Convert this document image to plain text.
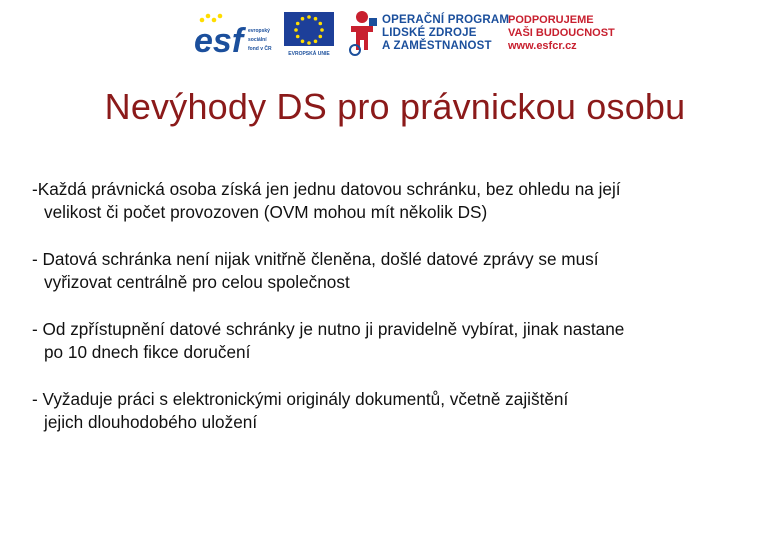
esf evropský
sociální
fond v ČR
EVROPSKÁ UNIE
OPERAČNÍ PROGRAM
LIDSKÉ ZDROJE
A ZAMĚSTNANOST
PODPORUJEME
VAŠI BUDOUCNOST
www.esfcr.cz
Nevýhody DS pro právnickou osobu
-Každá právnická osoba získá jen jednu datovou schránku, bez ohledu na její
velikost či počet provozoven (OVM mohou mít několik DS)
- Datová schránka není nijak vnitřně členěna, došlé datové zprávy se musí
vyřizovat centrálně pro celou společnost
- Od zpřístupnění datové schránky je nutno ji pravidelně vybírat, jinak nastane
po 10 dnech fikce doručení
- Vyžaduje práci s elektronickými originály dokumentů, včetně zajištění
jejich dlouhodobého uložení
